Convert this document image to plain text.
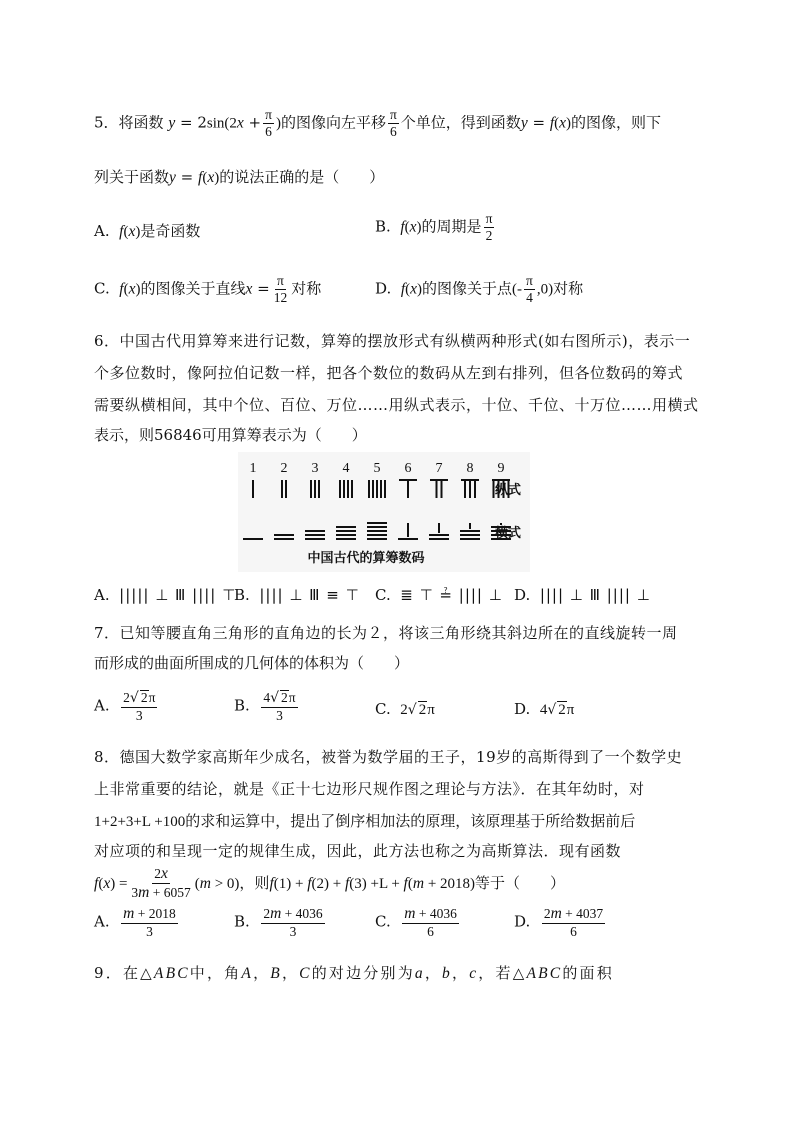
5．将函数 $y = 2\sin(2x + \frac{\pi}{6}$ )的图像向左平移 $\frac{\pi}{6}$ 个单位，得到函数y = f(x)的图像，则下
列关于函数y = f(x)的说法正确的是（　　）
A. f(x)是奇函数	B. f(x)的周期是 $\frac{\pi}{2}$
C. f(x)的图像关于直线$x = \frac{\pi}{12}$ 对称	D. f(x)的图像关于点(- $\frac{\pi}{4} ,0$)对称
6．中国古代用算筹来进行记数，算筹的摆放形式有纵横两种形式(如右图所示)，表示一
个多位数时，像阿拉伯记数一样，把各个数位的数码从左到右排列，但各位数码的筹式
需要纵横相间，其中个位、百位、万位……用纵式表示，十位、千位、十万位……用横式
表示，则56846可用算筹表示为（　　）
1 2 3 4 5 6 7 8 9
纵式
横式
中国古代的算筹数码
A. ||||| ⊥ Ⅲ |||| ⊤
B. |||| ⊥ Ⅲ ≡ ⊤ C. ≣ ⊤ ≟ |||| ⊥ D. |||| ⊥ Ⅲ |||| ⊥
7．已知等腰直角三角形的直角边的长为２，将该三角形绕其斜边所在的直线旋转一周
而形成的曲面所围成的几何体的体积为（　　）
A. $\frac{2√ 2\pi}{3}$	B. $\frac{4√ 2\pi}{3}$	C. 2√ 2π	D. 4√ 2π
8．德国大数学家高斯年少成名，被誉为数学届的王子，19岁的高斯得到了一个数学史
上非常重要的结论，就是《正十七边形尺规作图之理论与方法》．在其年幼时，对
1+2+3+L +100的求和运算中，提出了倒序相加法的原理，该原理基于所给数据前后
对应项的和呈现一定的规律生成，因此，此方法也称之为高斯算法．现有函数
$f(x) = \frac{2x}{3m + 6057} (m > 0)$，则f(1) + f(2) + f(3) +L + f(m + 2018)等于（　　）
A. $\frac{m + 2018}{3}$	B. $\frac{2m + 4036}{3}$	C. $\frac{m + 4036}{6}$	D. $\frac{2m + 4037}{6}$
9．在△ABC中，角A，B，C的对边分别为a，b，c，若△ABC的面积
